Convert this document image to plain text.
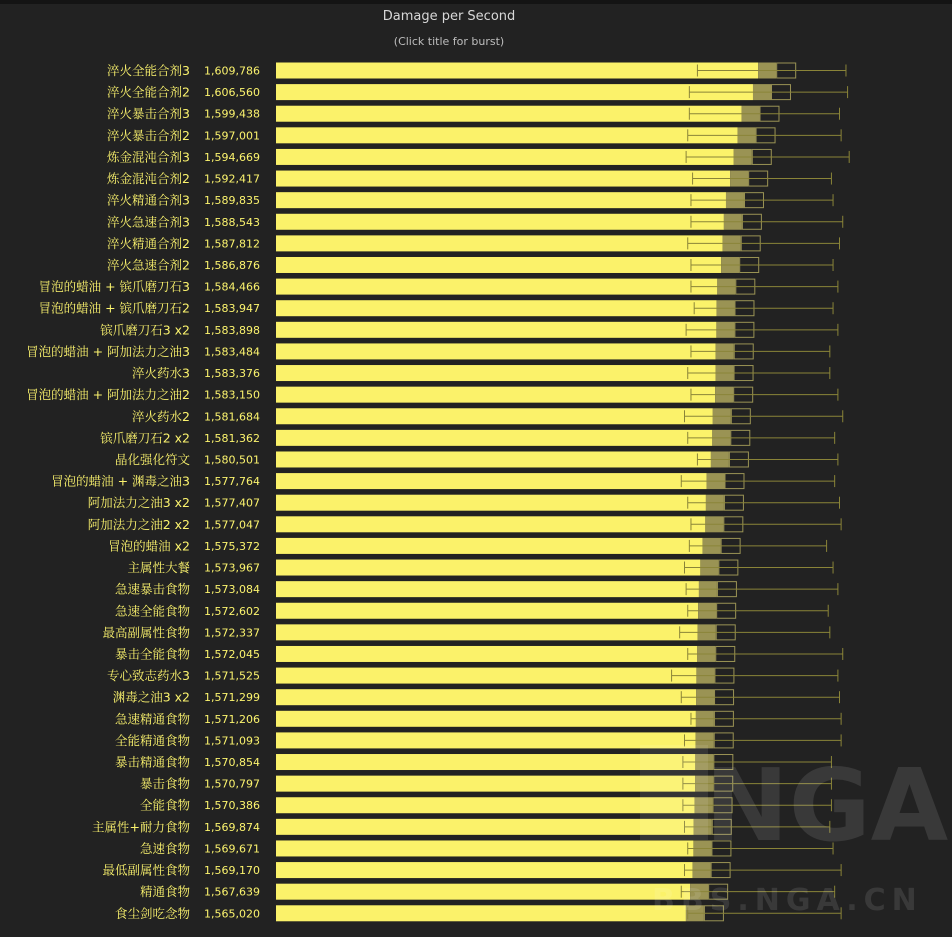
Damage per Second
(Click title for burst)
淬火全能合剂3 1,609,786
淬火全能合剂2 1,606,560
淬火暴击合剂3 1,599,438
淬火暴击合剂2 1,597,001
炼金混沌合剂3 1,594,669
炼金混沌合剂2 1,592,417
淬火精通合剂3 1,589,835
淬火急速合剂3 1,588,543
淬火精通合剂2 1,587,812
淬火急速合剂2 1,586,876
冒泡的蜡油 + 镔爪磨刀石3 1,584,466
冒泡的蜡油 + 镔爪磨刀石2 1,583,947
镔爪磨刀石3 x2 1,583,898
冒泡的蜡油 + 阿加法力之油3 1,583,484
淬火药水3 1,583,376
冒泡的蜡油 + 阿加法力之油2 1,583,150
淬火药水2 1,581,684
镔爪磨刀石2 x2 1,581,362
晶化强化符文 1,580,501
冒泡的蜡油 + 渊毒之油3 1,577,764
阿加法力之油3 x2 1,577,407
阿加法力之油2 x2 1,577,047
冒泡的蜡油 x2 1,575,372
主属性大餐 1,573,967
急速暴击食物 1,573,084
急速全能食物 1,572,602
最高副属性食物 1,572,337
暴击全能食物 1,572,045
专心致志药水3 1,571,525
渊毒之油3 x2 1,571,299
急速精通食物 1,571,206
全能精通食物 1,571,093
暴击精通食物 1,570,854
暴击食物 1,570,797
全能食物 1,570,386
主属性+耐力食物 1,569,874
急速食物 1,569,671
最低副属性食物 1,569,170
精通食物 1,567,639
食尘剑吃念物 1,565,020
NGA
BBS.NGA.CN
